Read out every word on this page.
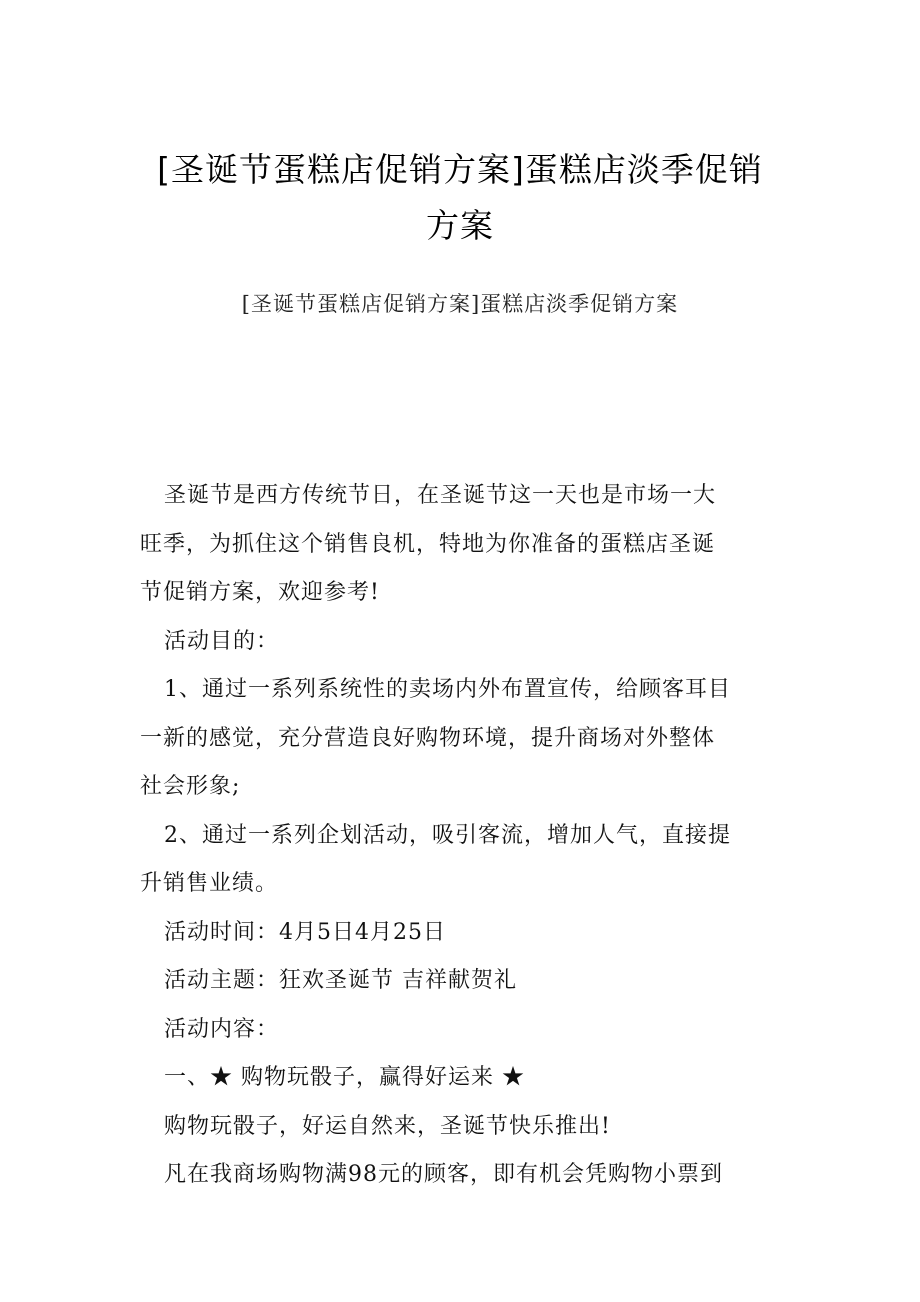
[圣诞节蛋糕店促销方案]蛋糕店淡季促销
方案

[圣诞节蛋糕店促销方案]蛋糕店淡季促销方案

圣诞节是西方传统节日，在圣诞节这一天也是市场一大

旺季，为抓住这个销售良机，特地为你准备的蛋糕店圣诞

节促销方案，欢迎参考!

活动目的：

1、通过一系列系统性的卖场内外布置宣传，给顾客耳目

一新的感觉，充分营造良好购物环境，提升商场对外整体

社会形象;

2、通过一系列企划活动，吸引客流，增加人气，直接提

升销售业绩。

活动时间：4月5日4月25日

活动主题：狂欢圣诞节 吉祥献贺礼

活动内容：

一、★ 购物玩骰子，赢得好运来 ★

购物玩骰子，好运自然来，圣诞节快乐推出!

凡在我商场购物满98元的顾客，即有机会凭购物小票到
